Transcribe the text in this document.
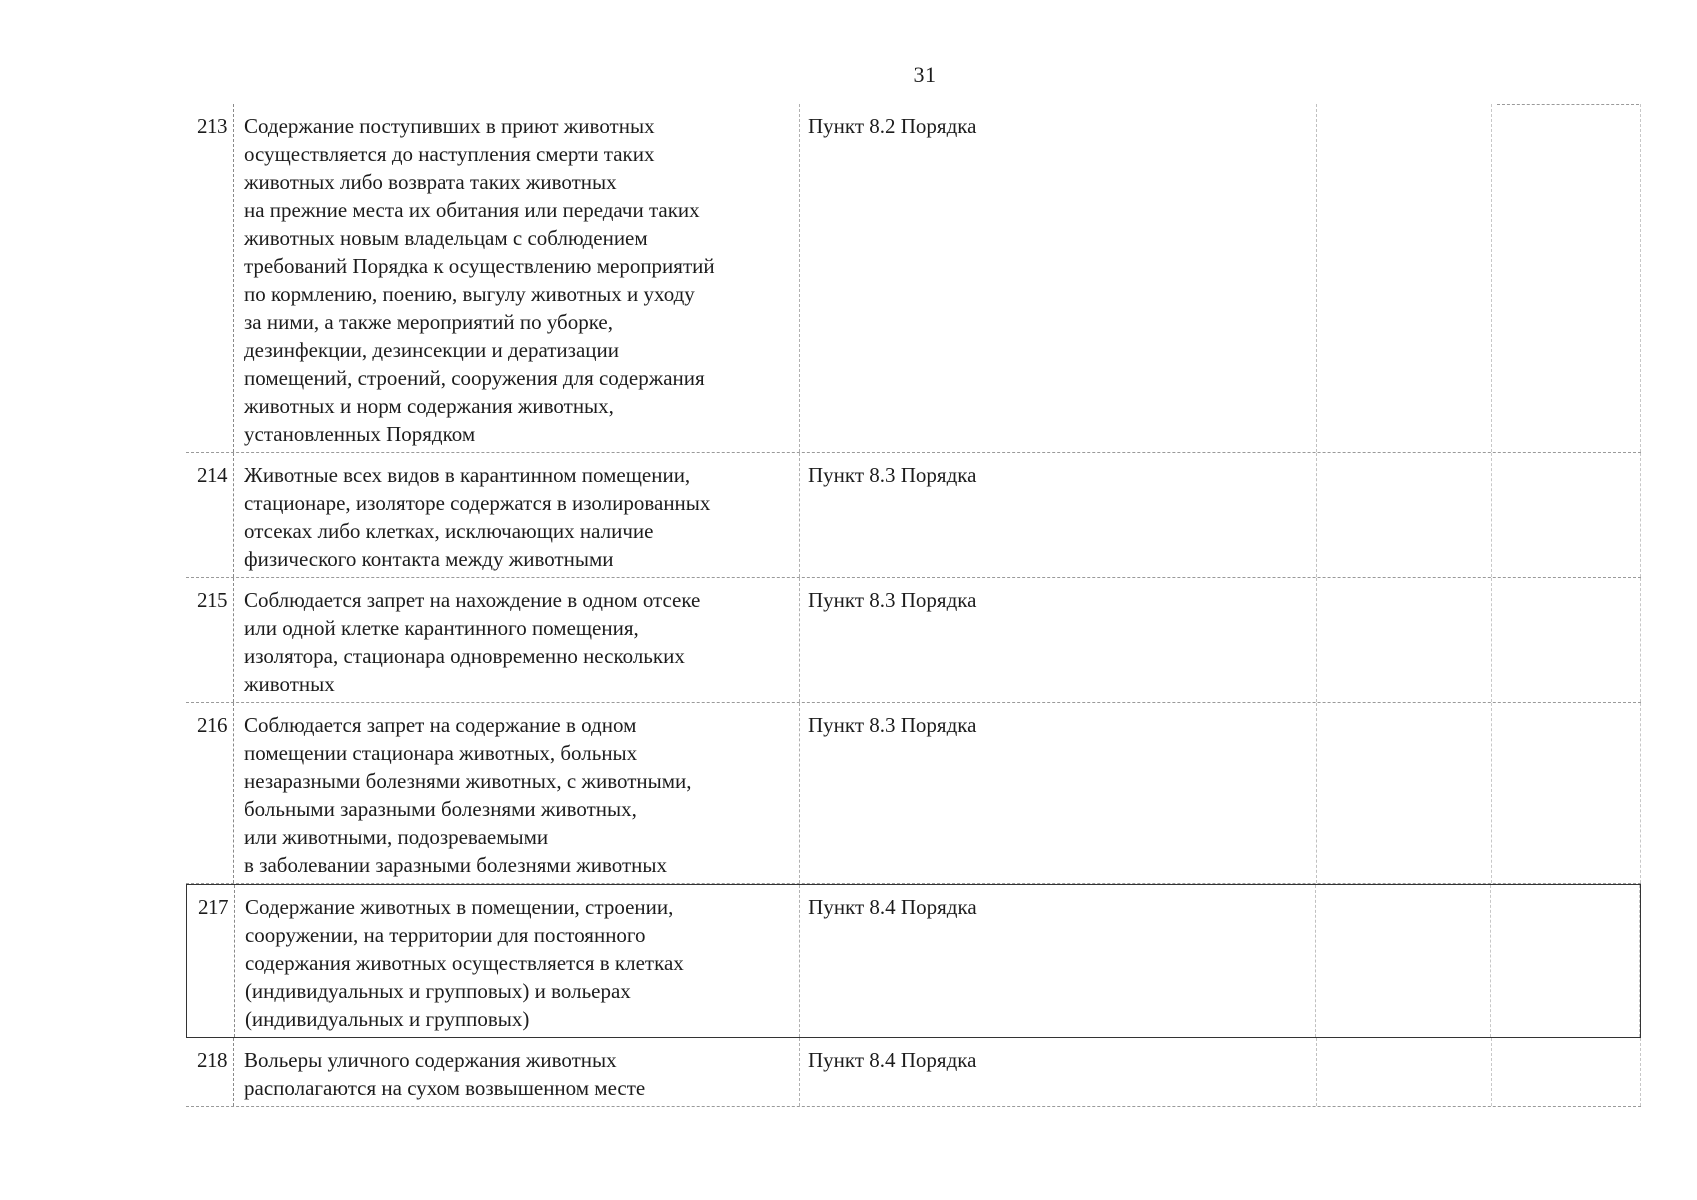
31
213 Содержание поступивших в приют животных
осуществляется до наступления смерти таких
животных либо возврата таких животных
на прежние места их обитания или передачи таких
животных новым владельцам с соблюдением
требований Порядка к осуществлению мероприятий
по кормлению, поению, выгулу животных и уходу
за ними, а также мероприятий по уборке,
дезинфекции, дезинсекции и дератизации
помещений, строений, сооружения для содержания
животных и норм содержания животных,
установленных Порядком
Пункт 8.2 Порядка
214 Животные всех видов в карантинном помещении,
стационаре, изоляторе содержатся в изолированных
отсеках либо клетках, исключающих наличие
физического контакта между животными
Пункт 8.3 Порядка
215 Соблюдается запрет на нахождение в одном отсеке
или одной клетке карантинного помещения,
изолятора, стационара одновременно нескольких
животных
Пункт 8.3 Порядка
216 Соблюдается запрет на содержание в одном
помещении стационара животных, больных
незаразными болезнями животных, с животными,
больными заразными болезнями животных,
или животными, подозреваемыми
в заболевании заразными болезнями животных
Пункт 8.3 Порядка
217 Содержание животных в помещении, строении,
сооружении, на территории для постоянного
содержания животных осуществляется в клетках
(индивидуальных и групповых) и вольерах
(индивидуальных и групповых)
Пункт 8.4 Порядка
218 Вольеры уличного содержания животных
располагаются на сухом возвышенном месте
Пункт 8.4 Порядка
